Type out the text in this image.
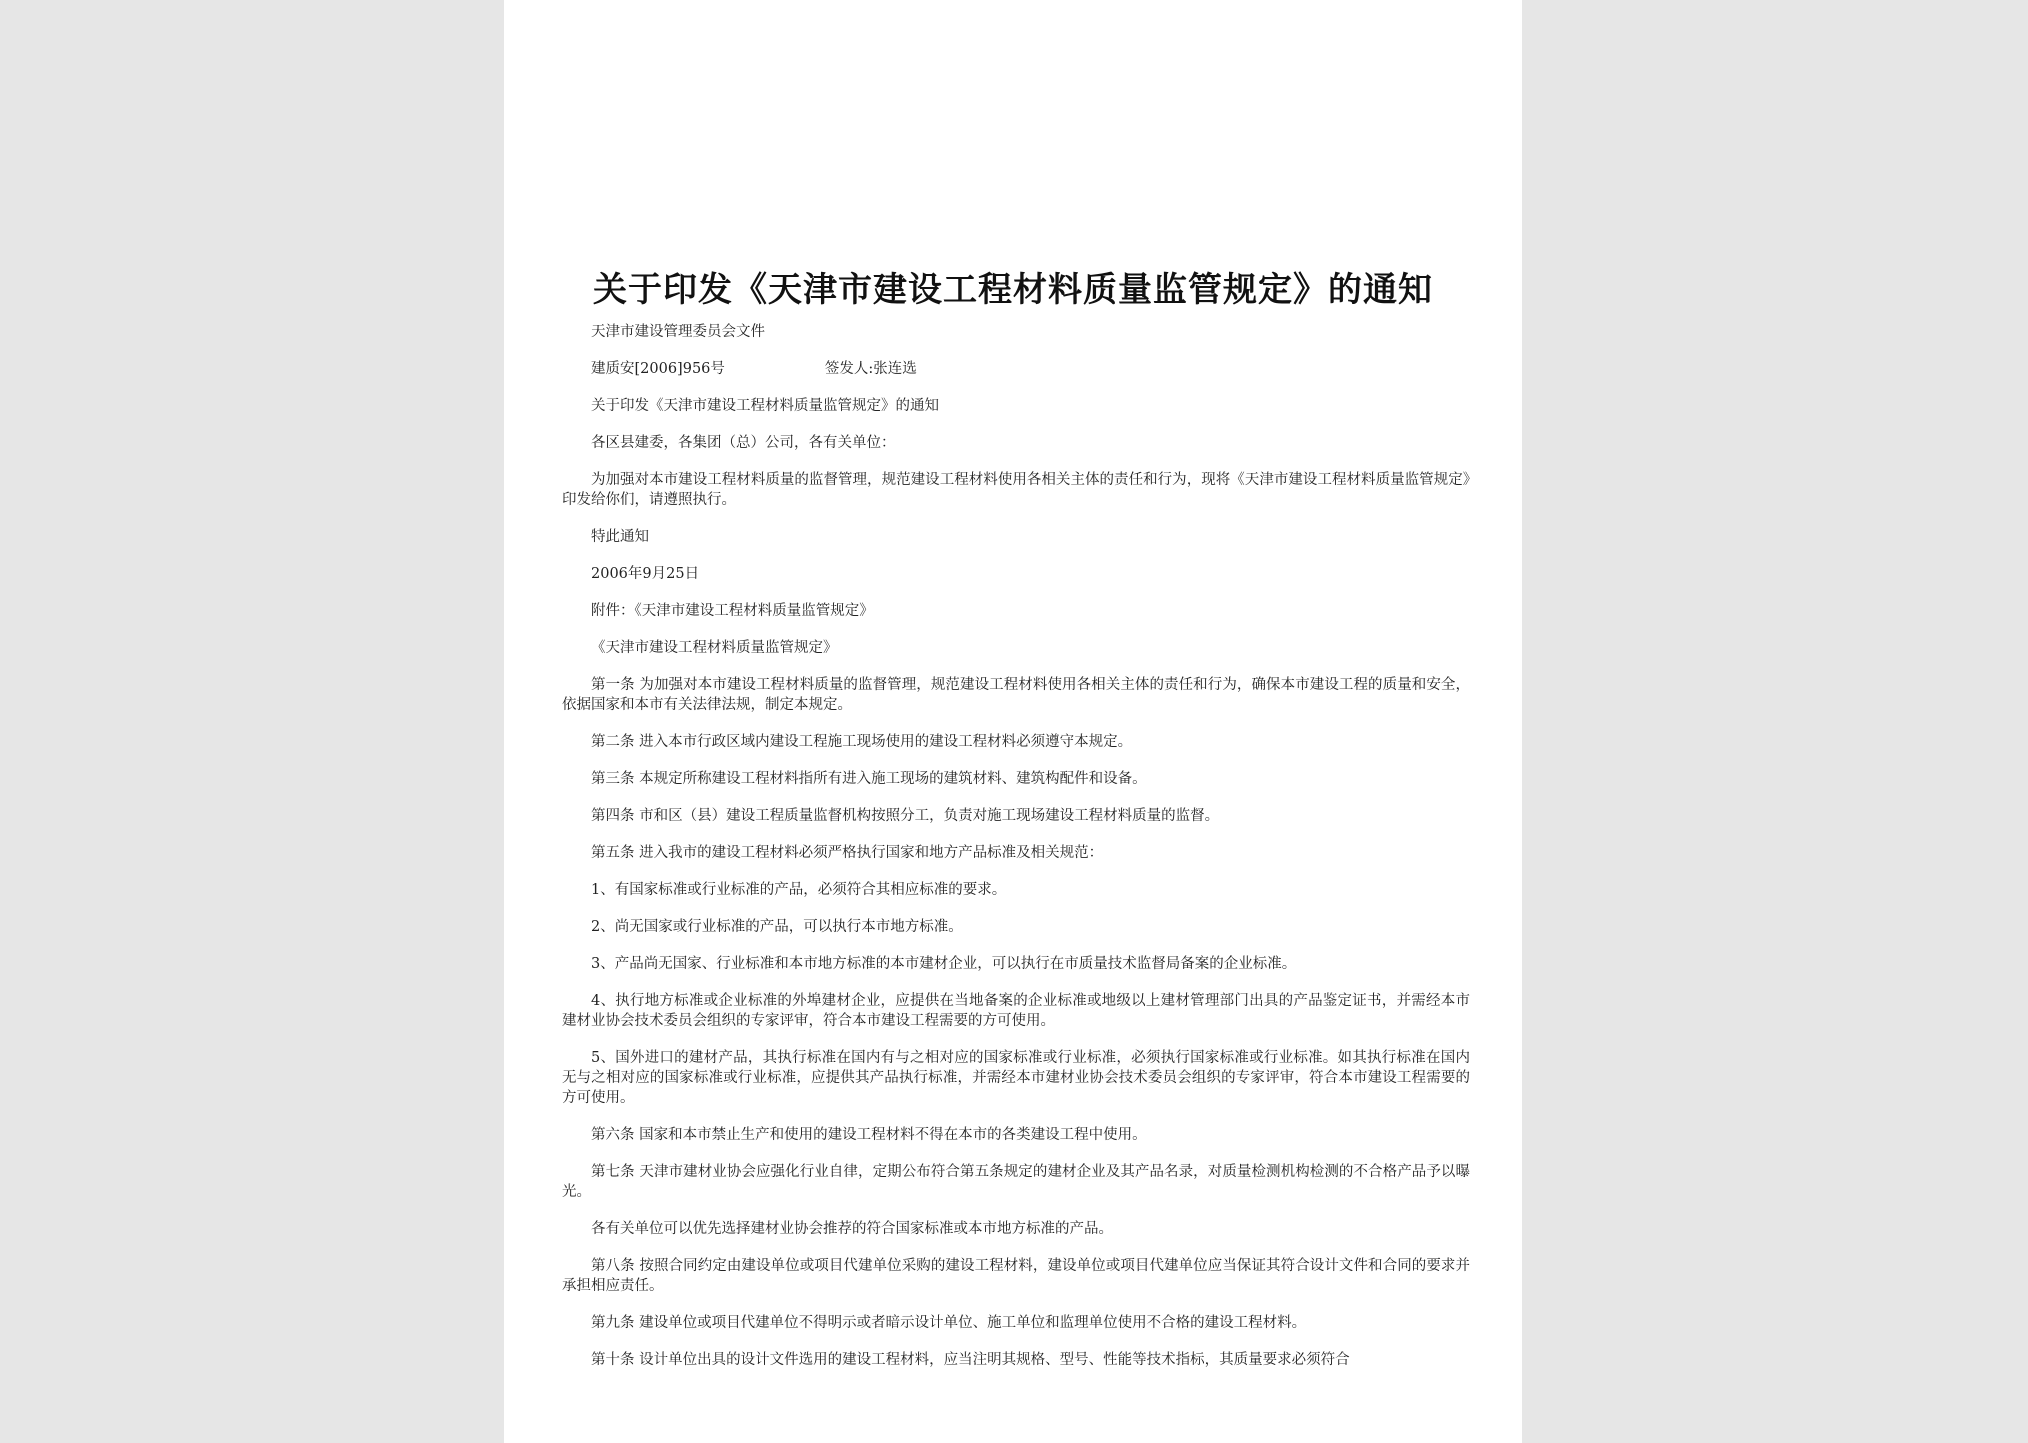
关于印发《天津市建设工程材料质量监管规定》的通知
天津市建设管理委员会文件
建质安[2006]956号	签发人:张连选
关于印发《天津市建设工程材料质量监管规定》的通知
各区县建委，各集团（总）公司，各有关单位：

为加强对本市建设工程材料质量的监督管理，规范建设工程材料使用各相关主体的责任和行为，现将《天津市建设工程材料质量监管规定》印发给你们，请遵照执行。

特此通知
2006年9月25日
附件：《天津市建设工程材料质量监管规定》
《天津市建设工程材料质量监管规定》

第一条 为加强对本市建设工程材料质量的监督管理，规范建设工程材料使用各相关主体的责任和行为，确保本市建设工程的质量和安全，依据国家和本市有关法律法规，制定本规定。

第二条 进入本市行政区域内建设工程施工现场使用的建设工程材料必须遵守本规定。

第三条 本规定所称建设工程材料指所有进入施工现场的建筑材料、建筑构配件和设备。

第四条 市和区（县）建设工程质量监督机构按照分工，负责对施工现场建设工程材料质量的监督。

第五条 进入我市的建设工程材料必须严格执行国家和地方产品标准及相关规范：

1、有国家标准或行业标准的产品，必须符合其相应标准的要求。

2、尚无国家或行业标准的产品，可以执行本市地方标准。

3、产品尚无国家、行业标准和本市地方标准的本市建材企业，可以执行在市质量技术监督局备案的企业标准。

4、执行地方标准或企业标准的外埠建材企业，应提供在当地备案的企业标准或地级以上建材管理部门出具的产品鉴定证书，并需经本市建材业协会技术委员会组织的专家评审，符合本市建设工程需要的方可使用。

5、国外进口的建材产品，其执行标准在国内有与之相对应的国家标准或行业标准，必须执行国家标准或行业标准。如其执行标准在国内无与之相对应的国家标准或行业标准，应提供其产品执行标准，并需经本市建材业协会技术委员会组织的专家评审，符合本市建设工程需要的方可使用。

第六条 国家和本市禁止生产和使用的建设工程材料不得在本市的各类建设工程中使用。

第七条 天津市建材业协会应强化行业自律，定期公布符合第五条规定的建材企业及其产品名录，对质量检测机构检测的不合格产品予以曝光。

各有关单位可以优先选择建材业协会推荐的符合国家标准或本市地方标准的产品。

第八条 按照合同约定由建设单位或项目代建单位采购的建设工程材料，建设单位或项目代建单位应当保证其符合设计文件和合同的要求并承担相应责任。

第九条 建设单位或项目代建单位不得明示或者暗示设计单位、施工单位和监理单位使用不合格的建设工程材料。

第十条 设计单位出具的设计文件选用的建设工程材料，应当注明其规格、型号、性能等技术指标，其质量要求必须符合
